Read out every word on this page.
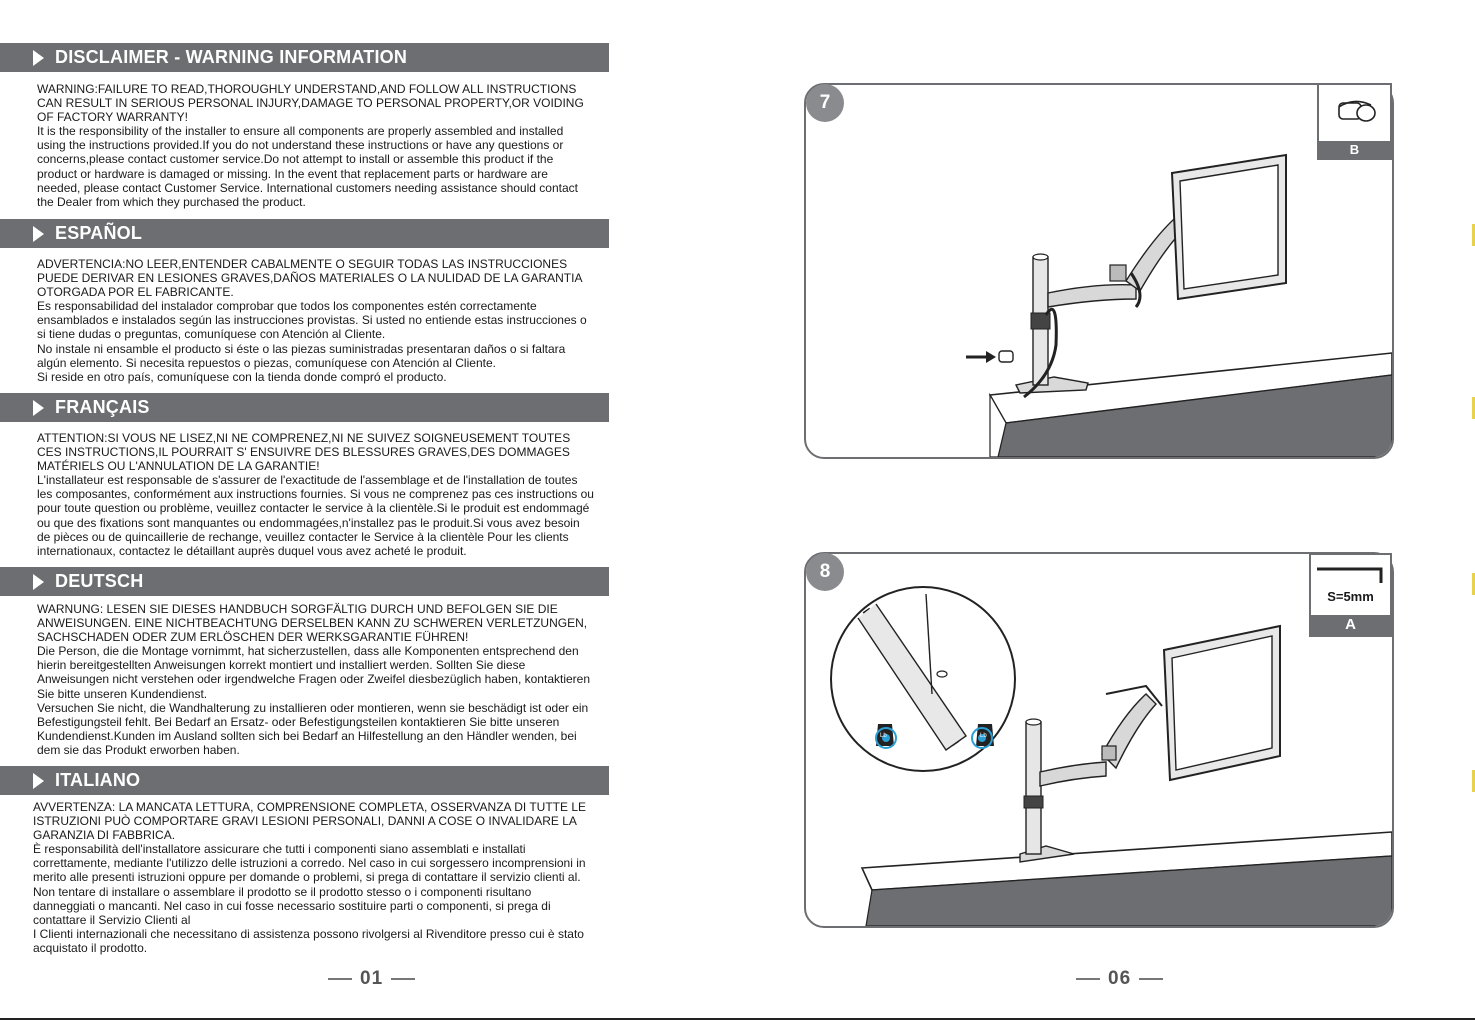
DISCLAIMER - WARNING INFORMATION
WARNING:FAILURE TO READ,THOROUGHLY UNDERSTAND,AND FOLLOW ALL INSTRUCTIONS
CAN RESULT IN SERIOUS PERSONAL INJURY,DAMAGE TO PERSONAL PROPERTY,OR VOIDING
OF FACTORY WARRANTY!
It is the responsibility of the installer to ensure all components are properly assembled and installed
using the instructions provided.If you do not understand these instructions or have any questions or
concerns,please contact customer service.Do not attempt to install or assemble this product if the
product or hardware is damaged or missing. In the event that replacement parts or hardware are
needed, please contact Customer Service. International customers needing assistance should contact
the Dealer from which they purchased the product.
ESPAÑOL
ADVERTENCIA:NO LEER,ENTENDER CABALMENTE O SEGUIR TODAS LAS INSTRUCCIONES
PUEDE DERIVAR EN LESIONES GRAVES,DAÑOS MATERIALES O LA NULIDAD DE LA GARANTIA
OTORGADA POR EL FABRICANTE.
Es responsabilidad del instalador comprobar que todos los componentes estén correctamente
ensamblados e instalados según las instrucciones provistas. Si usted no entiende estas instrucciones o
si tiene dudas o preguntas, comuníquese con Atención al Cliente.
No instale ni ensamble el producto si éste o las piezas suministradas presentaran daños o si faltara
algún elemento. Si necesita repuestos o piezas, comuníquese con Atención al Cliente.
Si reside en otro país, comuníquese con la tienda donde compró el producto.
FRANÇAIS
ATTENTION:SI VOUS NE LISEZ,NI NE COMPRENEZ,NI NE SUIVEZ SOIGNEUSEMENT TOUTES
CES INSTRUCTIONS,IL POURRAIT S' ENSUIVRE DES BLESSURES GRAVES,DES DOMMAGES
MATÉRIELS OU L'ANNULATION DE LA GARANTIE!
L'installateur est responsable de s'assurer de l'exactitude de l'assemblage et de l'installation de toutes
les composantes, conformément aux instructions fournies. Si vous ne comprenez pas ces instructions ou
pour toute question ou problème, veuillez contacter le service à la clientèle.Si le produit est endommagé
ou que des fixations sont manquantes ou endommagées,n'installez pas le produit.Si vous avez besoin
de pièces ou de quincaillerie de rechange, veuillez contacter le Service à la clientèle Pour les clients
internationaux, contactez le détaillant auprès duquel vous avez acheté le produit.
DEUTSCH
WARNUNG: LESEN SIE DIESES HANDBUCH SORGFÄLTIG DURCH UND BEFOLGEN SIE DIE
ANWEISUNGEN. EINE NICHTBEACHTUNG DERSELBEN KANN ZU SCHWEREN VERLETZUNGEN,
SACHSCHADEN ODER ZUM ERLÖSCHEN DER WERKSGARANTIE FÜHREN!
Die Person, die die Montage vornimmt, hat sicherzustellen, dass alle Komponenten entsprechend den
hierin bereitgestellten Anweisungen korrekt montiert und installiert werden. Sollten Sie diese
Anweisungen nicht verstehen oder irgendwelche Fragen oder Zweifel diesbezüglich haben, kontaktieren
Sie bitte unseren Kundendienst.
Versuchen Sie nicht, die Wandhalterung zu installieren oder montieren, wenn sie beschädigt ist oder ein
Befestigungsteil fehlt. Bei Bedarf an Ersatz- oder Befestigungsteilen kontaktieren Sie bitte unseren
Kundendienst.Kunden im Ausland sollten sich bei Bedarf an Hilfestellung an den Händler wenden, bei
dem sie das Produkt erworben haben.
ITALIANO
AVVERTENZA: LA MANCATA LETTURA, COMPRENSIONE COMPLETA, OSSERVANZA DI TUTTE LE
ISTRUZIONI PUÒ COMPORTARE GRAVI LESIONI PERSONALI, DANNI A COSE O INVALIDARE LA
GARANZIA DI FABBRICA.
È responsabilità dell'installatore assicurare che tutti i componenti siano assemblati e installati
correttamente, mediante l'utilizzo delle istruzioni a corredo. Nel caso in cui sorgessero incomprensioni in
merito alle presenti istruzioni oppure per domande o problemi, si prega di contattare il servizio clienti al.
Non tentare di installare o assemblare il prodotto se il prodotto stesso o i componenti risultano
danneggiati o mancanti. Nel caso in cui fosse necessario sostituire parti o componenti, si prega di
contattare il Servizio Clienti al
I Clienti internazionali che necessitano di assistenza possono rivolgersi al Rivenditore presso cui è stato
acquistato il prodotto.
01
7
B
Lb	Lb
8
S=5mm
A
06
